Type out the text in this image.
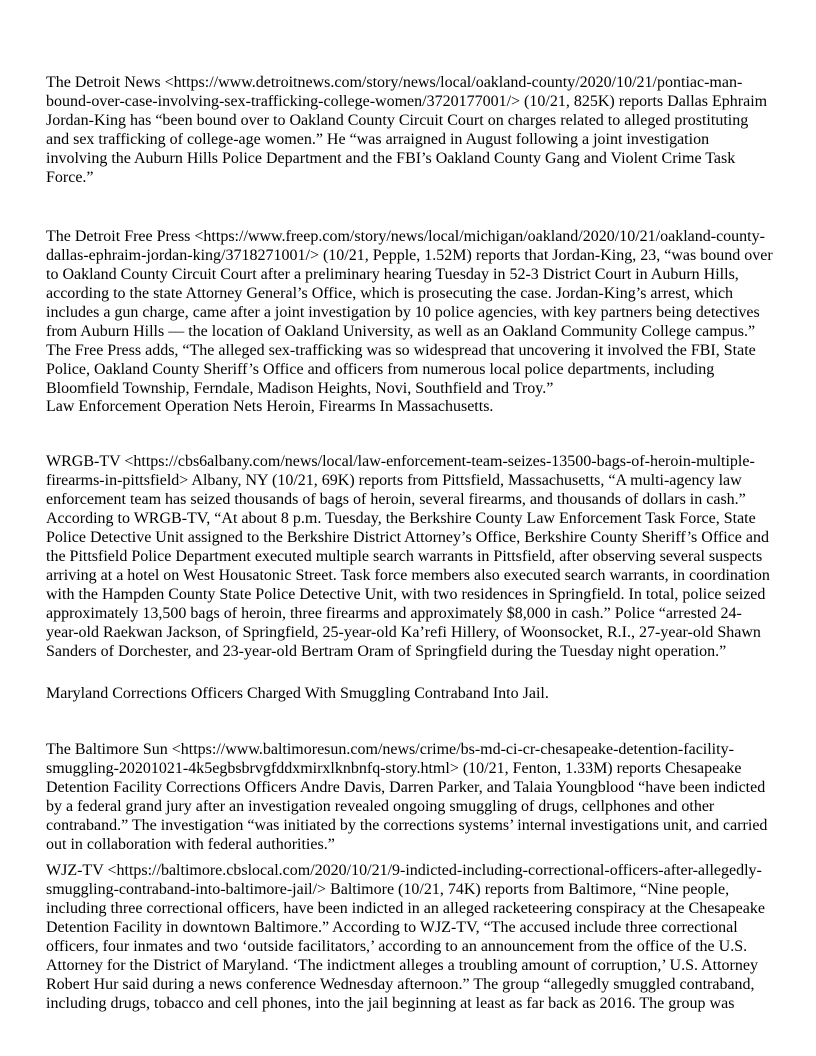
The Detroit News <https://www.detroitnews.com/story/news/local/oakland-county/2020/10/21/pontiac-man-bound-over-case-involving-sex-trafficking-college-women/3720177001/> (10/21, 825K) reports Dallas Ephraim Jordan-King has “been bound over to Oakland County Circuit Court on charges related to alleged prostituting and sex trafficking of college-age women.” He “was arraigned in August following a joint investigation involving the Auburn Hills Police Department and the FBI’s Oakland County Gang and Violent Crime Task Force.”

The Detroit Free Press <https://www.freep.com/story/news/local/michigan/oakland/2020/10/21/oakland-county-dallas-ephraim-jordan-king/3718271001/> (10/21, Pepple, 1.52M) reports that Jordan-King, 23, “was bound over to Oakland County Circuit Court after a preliminary hearing Tuesday in 52-3 District Court in Auburn Hills, according to the state Attorney General’s Office, which is prosecuting the case. Jordan-King’s arrest, which includes a gun charge, came after a joint investigation by 10 police agencies, with key partners being detectives from Auburn Hills — the location of Oakland University, as well as an Oakland Community College campus.” The Free Press adds, “The alleged sex-trafficking was so widespread that uncovering it involved the FBI, State Police, Oakland County Sheriff’s Office and officers from numerous local police departments, including Bloomfield Township, Ferndale, Madison Heights, Novi, Southfield and Troy.”

Law Enforcement Operation Nets Heroin, Firearms In Massachusetts.

WRGB-TV <https://cbs6albany.com/news/local/law-enforcement-team-seizes-13500-bags-of-heroin-multiple-firearms-in-pittsfield> Albany, NY (10/21, 69K) reports from Pittsfield, Massachusetts, “A multi-agency law enforcement team has seized thousands of bags of heroin, several firearms, and thousands of dollars in cash.” According to WRGB-TV, “At about 8 p.m. Tuesday, the Berkshire County Law Enforcement Task Force, State Police Detective Unit assigned to the Berkshire District Attorney’s Office, Berkshire County Sheriff’s Office and the Pittsfield Police Department executed multiple search warrants in Pittsfield, after observing several suspects arriving at a hotel on West Housatonic Street. Task force members also executed search warrants, in coordination with the Hampden County State Police Detective Unit, with two residences in Springfield. In total, police seized approximately 13,500 bags of heroin, three firearms and approximately $8,000 in cash.” Police “arrested 24-year-old Raekwan Jackson, of Springfield, 25-year-old Ka’refi Hillery, of Woonsocket, R.I., 27-year-old Shawn Sanders of Dorchester, and 23-year-old Bertram Oram of Springfield during the Tuesday night operation.”

Maryland Corrections Officers Charged With Smuggling Contraband Into Jail.

The Baltimore Sun <https://www.baltimoresun.com/news/crime/bs-md-ci-cr-chesapeake-detention-facility-smuggling-20201021-4k5egbsbrvgfddxmirxlknbnfq-story.html> (10/21, Fenton, 1.33M) reports Chesapeake Detention Facility Corrections Officers Andre Davis, Darren Parker, and Talaia Youngblood “have been indicted by a federal grand jury after an investigation revealed ongoing smuggling of drugs, cellphones and other contraband.” The investigation “was initiated by the corrections systems’ internal investigations unit, and carried out in collaboration with federal authorities.”

WJZ-TV <https://baltimore.cbslocal.com/2020/10/21/9-indicted-including-correctional-officers-after-allegedly-smuggling-contraband-into-baltimore-jail/> Baltimore (10/21, 74K) reports from Baltimore, “Nine people, including three correctional officers, have been indicted in an alleged racketeering conspiracy at the Chesapeake Detention Facility in downtown Baltimore.” According to WJZ-TV, “The accused include three correctional officers, four inmates and two ‘outside facilitators,’ according to an announcement from the office of the U.S. Attorney for the District of Maryland. ‘The indictment alleges a troubling amount of corruption,’ U.S. Attorney Robert Hur said during a news conference Wednesday afternoon.” The group “allegedly smuggled contraband, including drugs, tobacco and cell phones, into the jail beginning at least as far back as 2016. The group was
